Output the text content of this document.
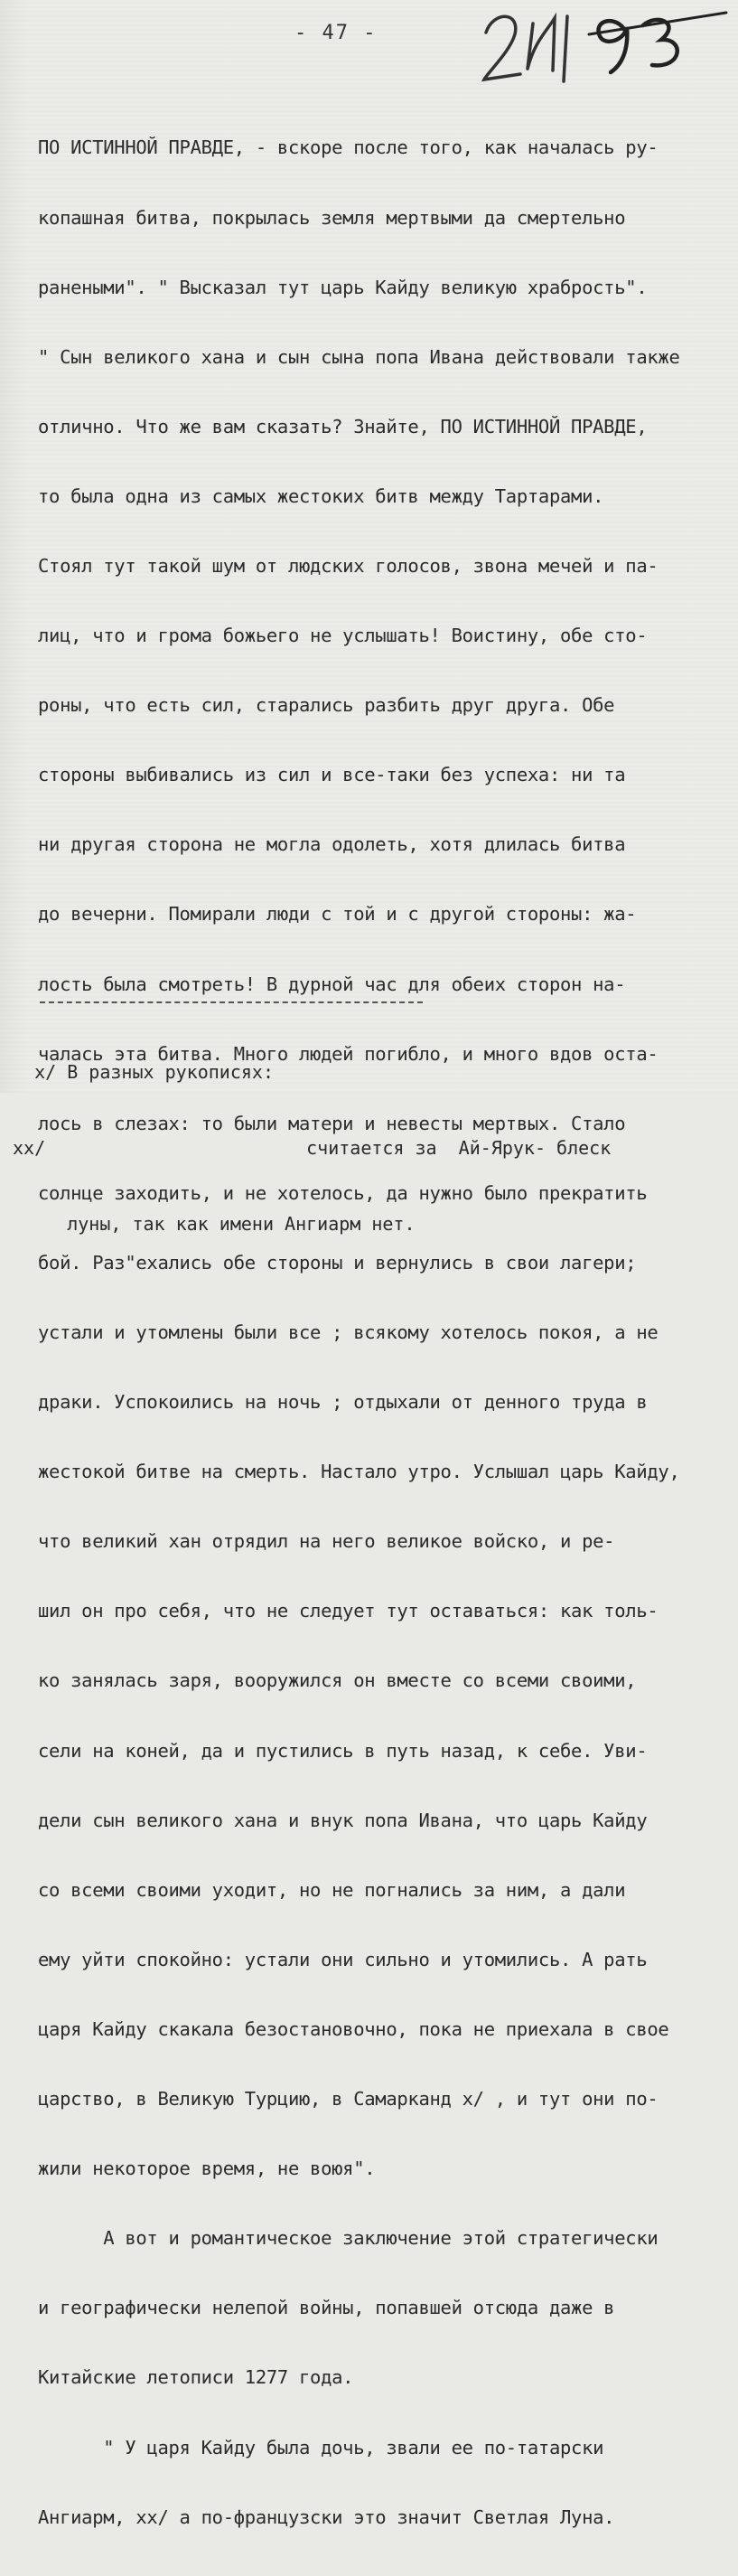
- 47 -

ПО ИСТИННОЙ ПРАВДЕ, - вскоре после того, как началась ру-

копашная битва, покрылась земля мертвыми да смертельно

ранеными". " Высказал тут царь Кайду великую храбрость".

" Сын великого хана и сын сына попа Ивана действовали также

отлично. Что же вам сказать? Знайте, ПО ИСТИННОЙ ПРАВДЕ,

то была одна из самых жестоких битв между Тартарами.

Стоял тут такой шум от людских голосов, звона мечей и па-

лиц, что и грома божьего не услышать! Воистину, обе сто-

роны, что есть сил, старались разбить друг друга. Обе

стороны выбивались из сил и все-таки без успеха: ни та

ни другая сторона не могла одолеть, хотя длилась битва

до вечерни. Помирали люди с той и с другой стороны: жа-

лость была смотреть! В дурной час для обеих сторон на-

чалась эта битва. Много людей погибло, и много вдов оста-

лось в слезах: то были матери и невесты мертвых. Стало

солнце заходить, и не хотелось, да нужно было прекратить

бой. Раз"ехались обе стороны и вернулись в свои лагери;

устали и утомлены были все ; всякому хотелось покоя, а не

драки. Успокоились на ночь ; отдыхали от денного труда в

жестокой битве на смерть. Настало утро. Услышал царь Кайду,

что великий хан отрядил на него великое войско, и ре-

шил он про себя, что не следует тут оставаться: как толь-

ко занялась заря, вооружился он вместе со всеми своими,

сели на коней, да и пустились в путь назад, к себе. Уви-

дели сын великого хана и внук попа Ивана, что царь Кайду

со всеми своими уходит, но не погнались за ним, а дали

ему уйти спокойно: устали они сильно и утомились. А рать

царя Кайду скакала безостановочно, пока не приехала в свое

царство, в Великую Турцию, в Самарканд x/ , и тут они по-

жили некоторое время, не воюя".

А вот и романтическое заключение этой стратегически

и географически нелепой войны, попавшей отсюда даже в

Китайские летописи 1277 года.

" У царя Кайду была дочь, звали ее по-татарски

Ангиарм, xx/ а по-французски это значит Светлая Луна.

x/ В разных рукописях:

xx/                        считается за  Ай-Ярук- блеск

луны, так как имени Ангиарм нет.
